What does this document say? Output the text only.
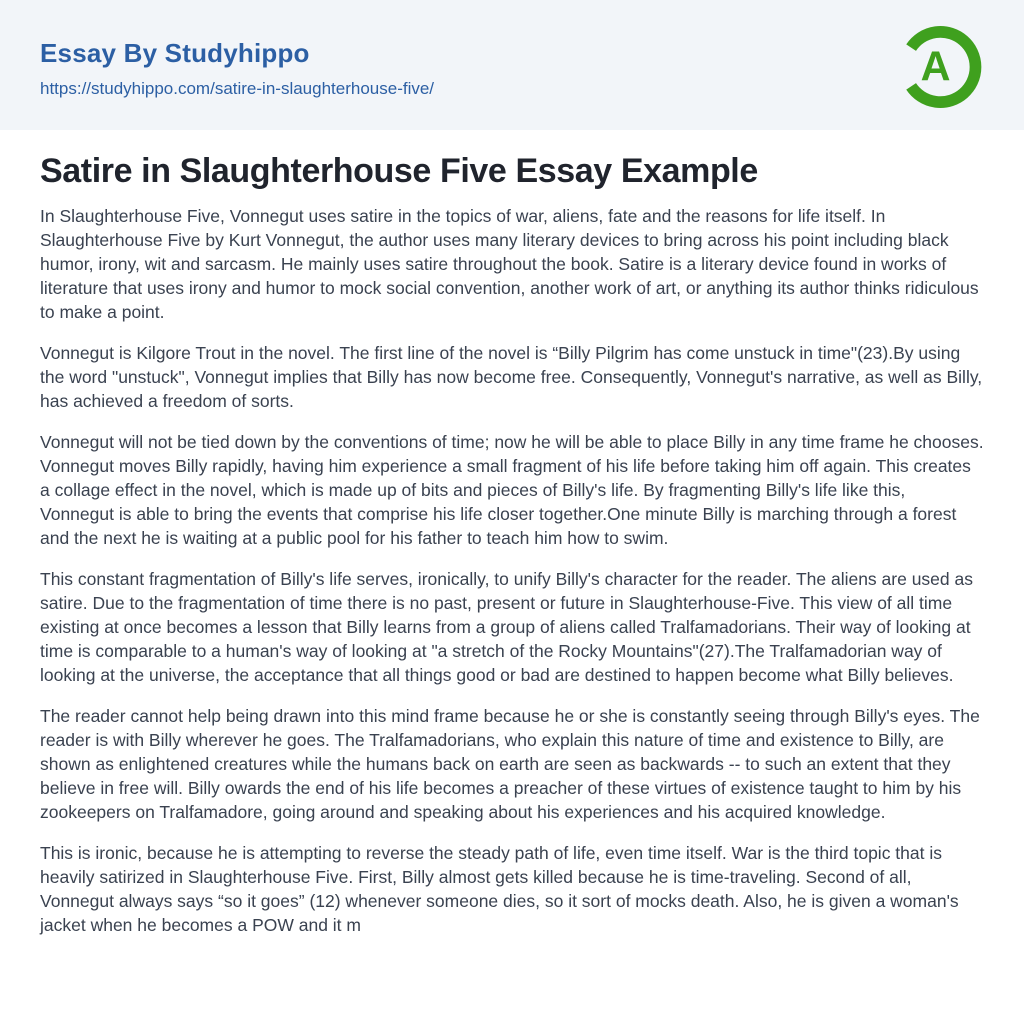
Essay By Studyhippo
https://studyhippo.com/satire-in-slaughterhouse-five/	A
Satire in Slaughterhouse Five Essay Example

In Slaughterhouse Five, Vonnegut uses satire in the topics of war, aliens, fate and the reasons for life itself. In Slaughterhouse Five by Kurt Vonnegut, the author uses many literary devices to bring across his point including black humor, irony, wit and sarcasm. He mainly uses satire throughout the book. Satire is a literary device found in works of literature that uses irony and humor to mock social convention, another work of art, or anything its author thinks ridiculous to make a point.

Vonnegut is Kilgore Trout in the novel. The first line of the novel is “Billy Pilgrim has come unstuck in time"(23).By using the word "unstuck", Vonnegut implies that Billy has now become free. Consequently, Vonnegut's narrative, as well as Billy, has achieved a freedom of sorts.

Vonnegut will not be tied down by the conventions of time; now he will be able to place Billy in any time frame he chooses. Vonnegut moves Billy rapidly, having him experience a small fragment of his life before taking him off again. This creates a collage effect in the novel, which is made up of bits and pieces of Billy's life. By fragmenting Billy's life like this, Vonnegut is able to bring the events that comprise his life closer together.One minute Billy is marching through a forest and the next he is waiting at a public pool for his father to teach him how to swim.

This constant fragmentation of Billy's life serves, ironically, to unify Billy's character for the reader. The aliens are used as satire. Due to the fragmentation of time there is no past, present or future in Slaughterhouse-Five. This view of all time existing at once becomes a lesson that Billy learns from a group of aliens called Tralfamadorians. Their way of looking at time is comparable to a human's way of looking at "a stretch of the Rocky Mountains"(27).The Tralfamadorian way of looking at the universe, the acceptance that all things good or bad are destined to happen become what Billy believes.

The reader cannot help being drawn into this mind frame because he or she is constantly seeing through Billy's eyes. The reader is with Billy wherever he goes. The Tralfamadorians, who explain this nature of time and existence to Billy, are shown as enlightened creatures while the humans back on earth are seen as backwards -- to such an extent that they believe in free will. Billy owards the end of his life becomes a preacher of these virtues of existence taught to him by his zookeepers on Tralfamadore, going around and speaking about his experiences and his acquired knowledge.

This is ironic, because he is attempting to reverse the steady path of life, even time itself. War is the third topic that is heavily satirized in Slaughterhouse Five. First, Billy almost gets killed because he is time-traveling. Second of all, Vonnegut always says “so it goes” (12) whenever someone dies, so it sort of mocks death. Also, he is given a woman's jacket when he becomes a POW and it m
